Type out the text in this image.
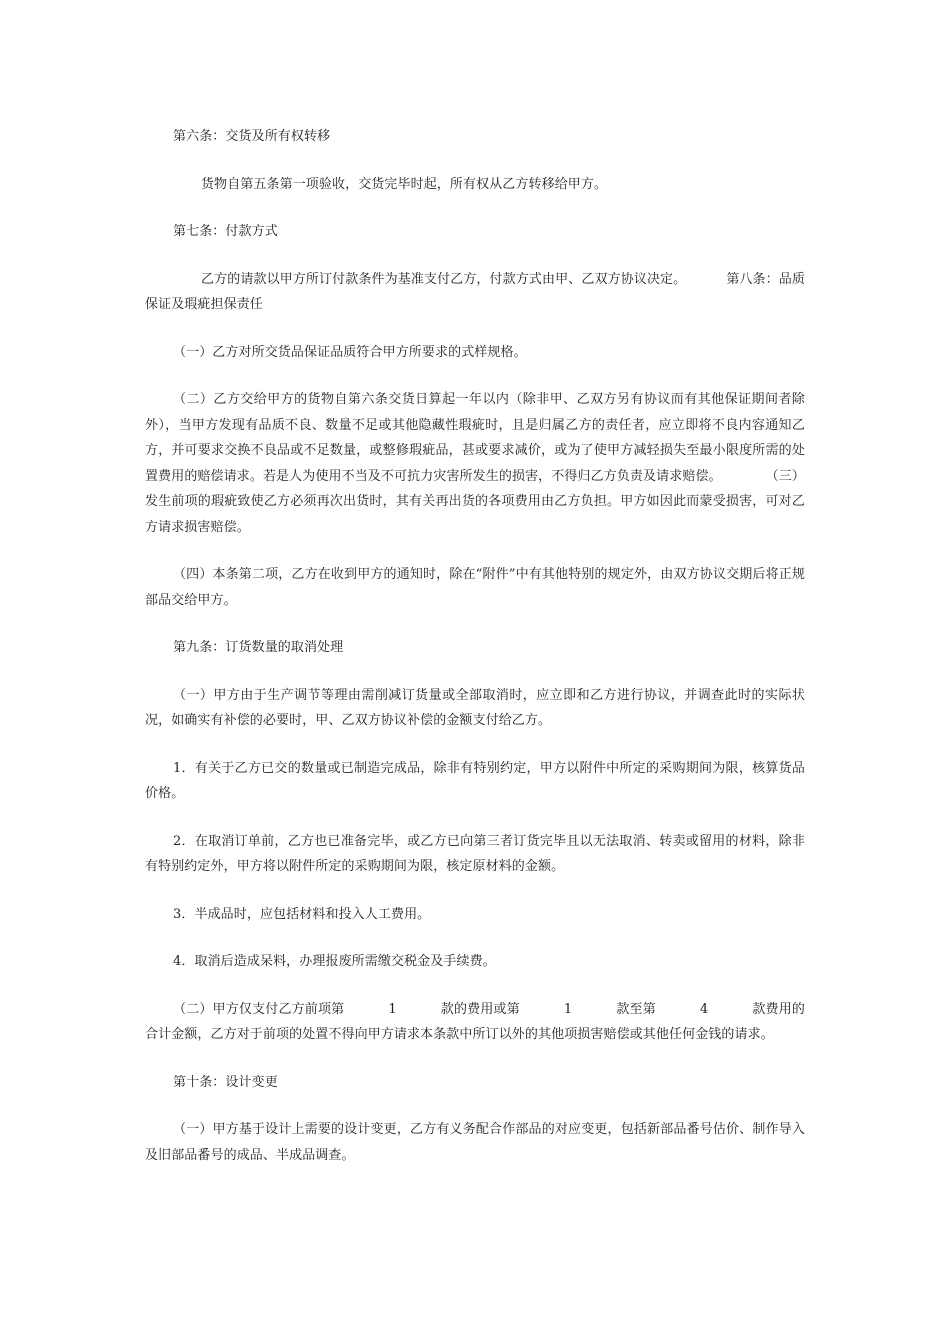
第六条：交货及所有权转移

货物自第五条第一项验收，交货完毕时起，所有权从乙方转移给甲方。

第七条：付款方式

乙方的请款以甲方所订付款条件为基准支付乙方，付款方式由甲、乙双方协议决定。	第八条：品质保证及瑕疵担保责任

（一）乙方对所交货品保证品质符合甲方所要求的式样规格。

（二）乙方交给甲方的货物自第六条交货日算起一年以内（除非甲、乙双方另有协议而有其他保证期间者除外），当甲方发现有品质不良、数量不足或其他隐藏性瑕疵时，且是归属乙方的责任者，应立即将不良内容通知乙方，并可要求交换不良品或不足数量，或整修瑕疵品，甚或要求减价，或为了使甲方减轻损失至最小限度所需的处置费用的赔偿请求。若是人为使用不当及不可抗力灾害所发生的损害，不得归乙方负责及请求赔偿。	（三）发生前项的瑕疵致使乙方必须再次出货时，其有关再出货的各项费用由乙方负担。甲方如因此而蒙受损害，可对乙方请求损害赔偿。

（四）本条第二项，乙方在收到甲方的通知时，除在“附件”中有其他特别的规定外，由双方协议交期后将正规部品交给甲方。

第九条：订货数量的取消处理

（一）甲方由于生产调节等理由需削减订货量或全部取消时，应立即和乙方进行协议，并调查此时的实际状况，如确实有补偿的必要时，甲、乙双方协议补偿的金额支付给乙方。

1．有关于乙方已交的数量或已制造完成品，除非有特别约定，甲方以附件中所定的采购期间为限，核算货品价格。

2．在取消订单前，乙方也已准备完毕，或乙方已向第三者订货完毕且以无法取消、转卖或留用的材料，除非有特别约定外，甲方将以附件所定的采购期间为限，核定原材料的金额。

3．半成品时，应包括材料和投入人工费用。

4．取消后造成呆料，办理报废所需缴交税金及手续费。

（二）甲方仅支付乙方前项第	1	款的费用或第	1	款至第	4	款费用的合计金额，乙方对于前项的处置不得向甲方请求本条款中所订以外的其他项损害赔偿或其他任何金钱的请求。

第十条：设计变更

（一）甲方基于设计上需要的设计变更，乙方有义务配合作部品的对应变更，包括新部品番号估价、制作导入及旧部品番号的成品、半成品调查。
